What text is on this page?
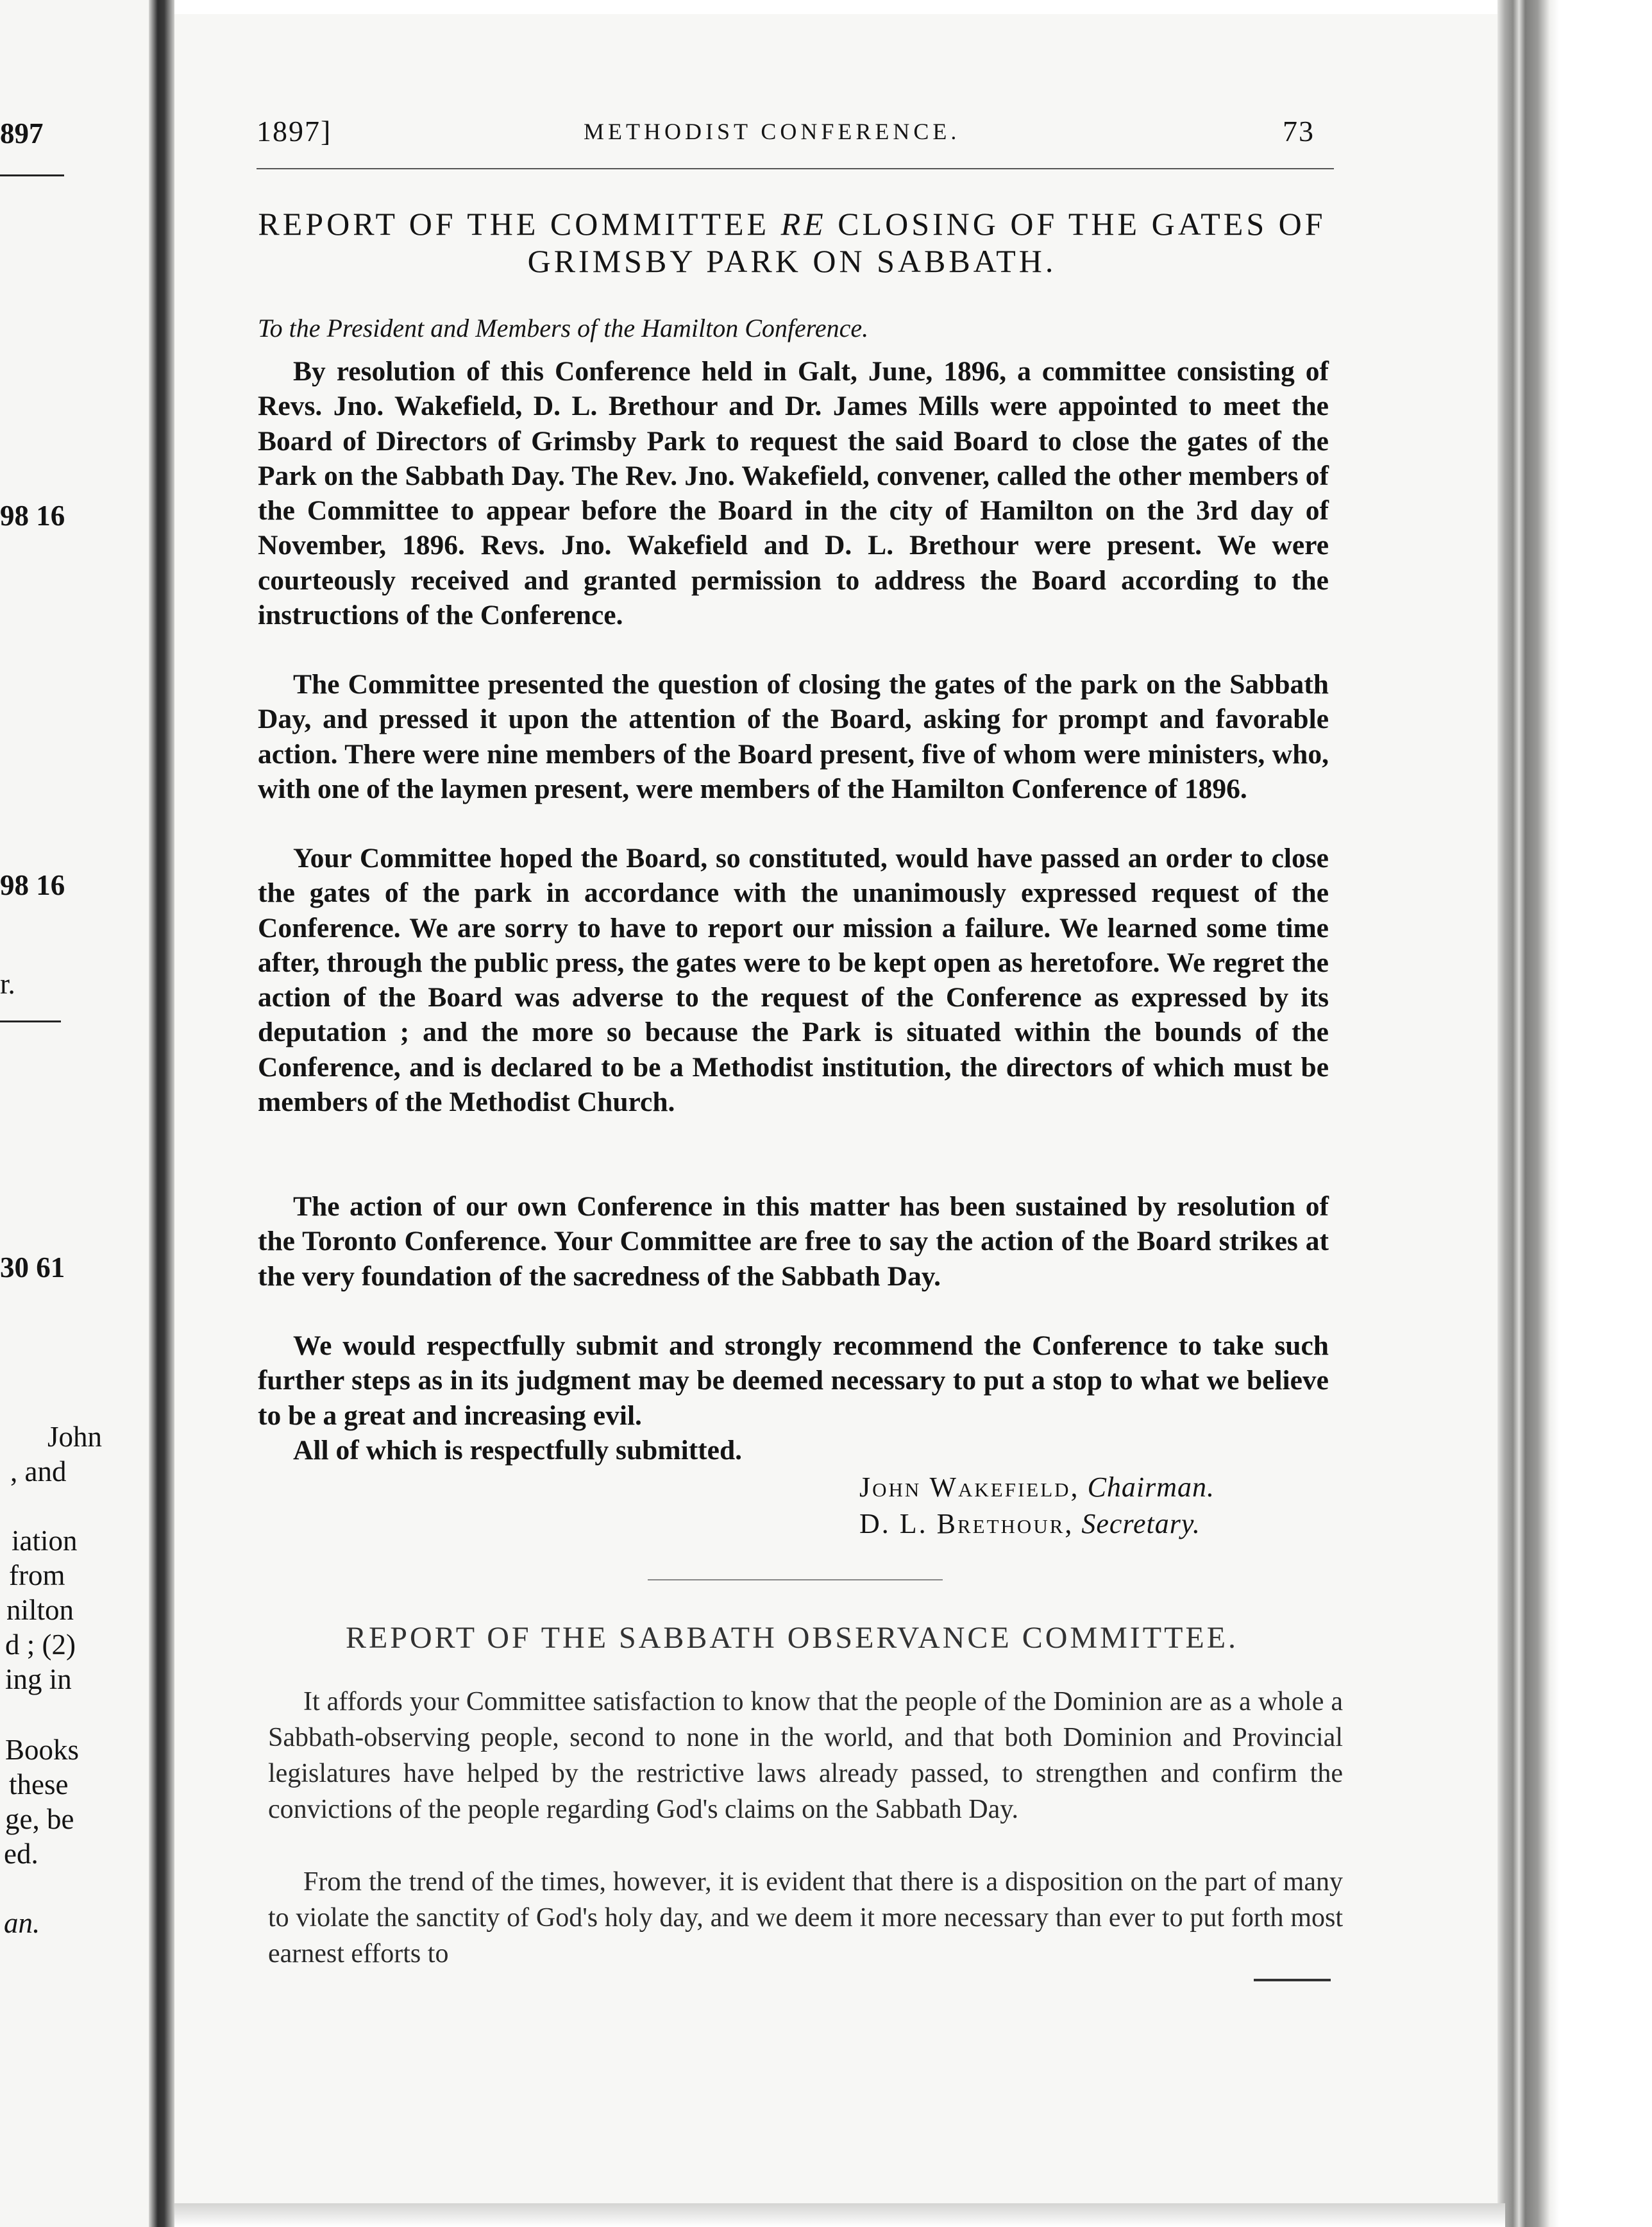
897
98 16
98 16
r.
30 61
John
, and
iation
from
nilton
d ; (2)
ing in
Books
these
ge, be
ed.
an.
1897]	METHODIST CONFERENCE.	73
REPORT OF THE COMMITTEE RE CLOSING OF THE GATES OF GRIMSBY PARK ON SABBATH.
To the President and Members of the Hamilton Conference.

By resolution of this Conference held in Galt, June, 1896, a committee consisting of Revs. Jno. Wakefield, D. L. Brethour and Dr. James Mills were appointed to meet the Board of Directors of Grimsby Park to request the said Board to close the gates of the Park on the Sabbath Day. The Rev. Jno. Wakefield, convener, called the other members of the Committee to appear before the Board in the city of Hamilton on the 3rd day of November, 1896. Revs. Jno. Wakefield and D. L. Brethour were present. We were courteously received and granted permission to address the Board according to the instructions of the Conference.

The Committee presented the question of closing the gates of the park on the Sabbath Day, and pressed it upon the attention of the Board, asking for prompt and favorable action. There were nine members of the Board present, five of whom were ministers, who, with one of the laymen present, were members of the Hamilton Conference of 1896.

Your Committee hoped the Board, so constituted, would have passed an order to close the gates of the park in accordance with the unanimously expressed request of the Conference. We are sorry to have to report our mission a failure. We learned some time after, through the public press, the gates were to be kept open as heretofore. We regret the action of the Board was adverse to the request of the Conference as expressed by its deputation ; and the more so because the Park is situated within the bounds of the Conference, and is declared to be a Methodist institution, the directors of which must be members of the Methodist Church.

The action of our own Conference in this matter has been sustained by resolution of the Toronto Conference. Your Committee are free to say the action of the Board strikes at the very foundation of the sacredness of the Sabbath Day.

We would respectfully submit and strongly recommend the Conference to take such further steps as in its judgment may be deemed necessary to put a stop to what we believe to be a great and increasing evil.

All of which is respectfully submitted.

John Wakefield, Chairman.
D. L. Brethour, Secretary.
REPORT OF THE SABBATH OBSERVANCE COMMITTEE.

It affords your Committee satisfaction to know that the people of the Dominion are as a whole a Sabbath-observing people, second to none in the world, and that both Dominion and Provincial legislatures have helped by the restrictive laws already passed, to strengthen and confirm the convictions of the people regarding God's claims on the Sabbath Day.

From the trend of the times, however, it is evident that there is a disposition on the part of many to violate the sanctity of God's holy day, and we deem it more necessary than ever to put forth most earnest efforts to
